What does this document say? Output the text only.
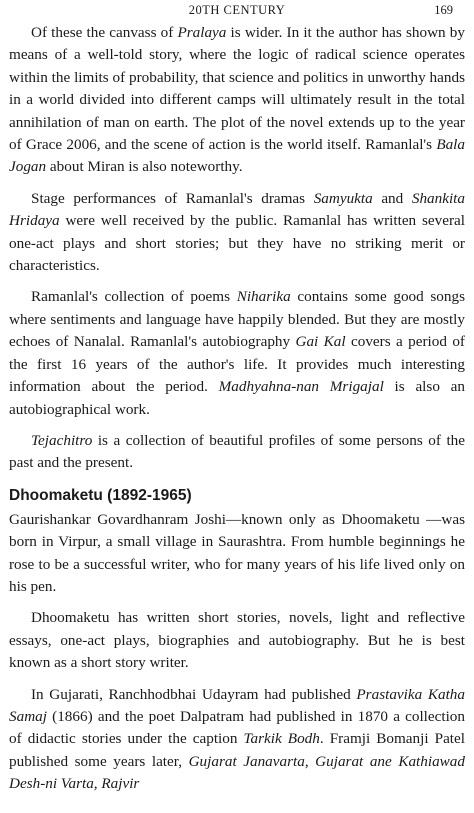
20TH CENTURY	169

Of these the canvass of Pralaya is wider. In it the author has shown by means of a well-told story, where the logic of radical science operates within the limits of probability, that science and politics in unworthy hands in a world divided into different camps will ultimately result in the total annihilation of man on earth. The plot of the novel extends up to the year of Grace 2006, and the scene of action is the world itself. Ramanlal's Bala Jogan about Miran is also noteworthy.

Stage performances of Ramanlal's dramas Samyukta and Shankita Hridaya were well received by the public. Ramanlal has written several one-act plays and short stories; but they have no striking merit or characteristics.

Ramanlal's collection of poems Niharika contains some good songs where sentiments and language have happily blended. But they are mostly echoes of Nanalal. Ramanlal's autobiography Gai Kal covers a period of the first 16 years of the author's life. It provides much interesting information about the period. Madhyahna-nan Mrigajal is also an autobiographical work.

Tejachitro is a collection of beautiful profiles of some persons of the past and the present.

Dhoomaketu (1892-1965)

Gaurishankar Govardhanram Joshi—known only as Dhoomaketu —was born in Virpur, a small village in Saurashtra. From humble beginnings he rose to be a successful writer, who for many years of his life lived only on his pen.

Dhoomaketu has written short stories, novels, light and reflective essays, one-act plays, biographies and autobiography. But he is best known as a short story writer.

In Gujarati, Ranchhodbhai Udayram had published Prastavika Katha Samaj (1866) and the poet Dalpatram had published in 1870 a collection of didactic stories under the caption Tarkik Bodh. Framji Bomanji Patel published some years later, Gujarat Janavarta, Gujarat ane Kathiawad Desh-ni Varta, Rajvir
